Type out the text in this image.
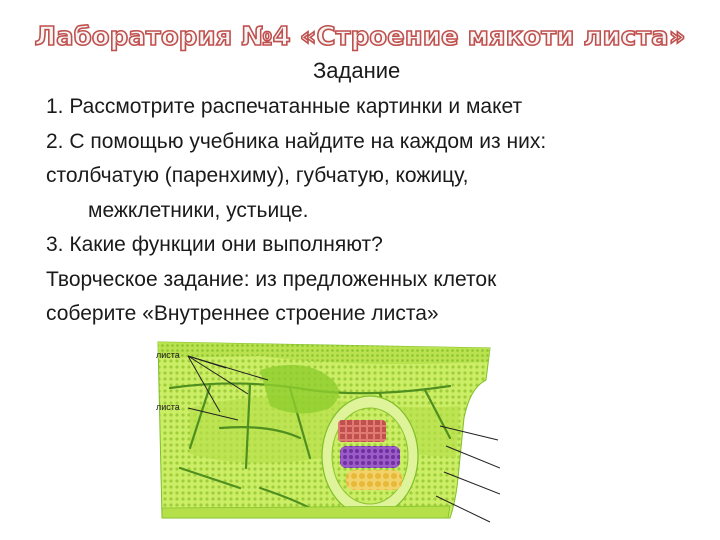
Лаборатория №4 «Строение мякоти листа»

Задание

1. Рассмотрите распечатанные картинки и макет
2. С помощью учебника найдите на каждом из них:
столбчатую (паренхиму), губчатую, кожицу,
межклетники, устьице.
3. Какие функции они выполняют?
Творческое задание: из предложенных клеток
соберите «Внутреннее строение листа»
листа
листа
